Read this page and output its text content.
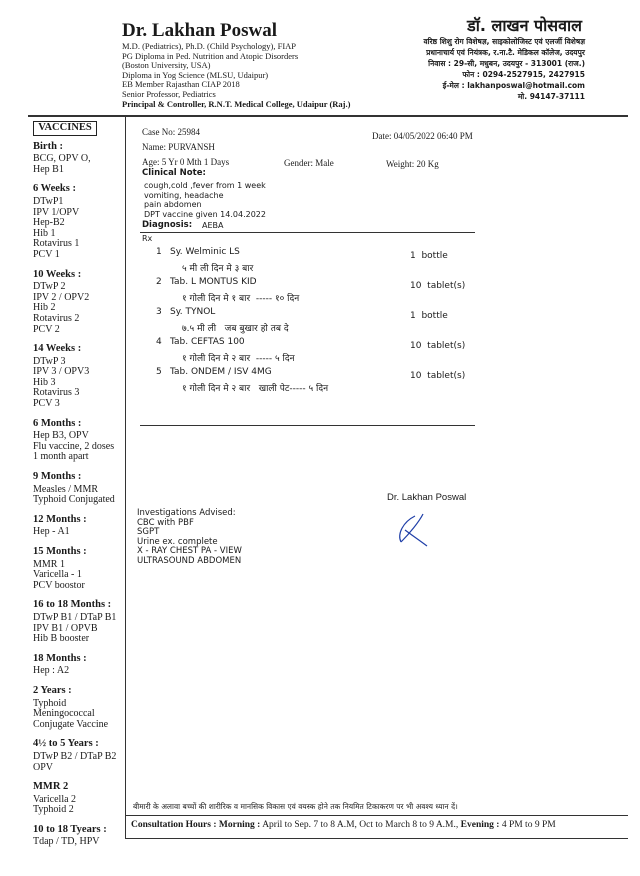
Dr. Lakhan Poswal
M.D. (Pediatrics), Ph.D. (Child Psychology), FIAP
PG Diploma in Ped. Nutrition and Atopic Disorders
(Boston University, USA)
Diploma in Yog Science (MLSU, Udaipur)
EB Member Rajasthan CIAP 2018
Senior Professor, Pediatrics
Principal & Controller, R.N.T. Medical College, Udaipur (Raj.)
डॉ. लाखन पोसवाल
वरिष्ठ शिशु रोग विशेषज्ञ, साइकोलोजिस्ट एवं एलर्जी विशेषज्ञ
प्रधानाचार्य एवं नियंत्रक, र.ना.टै. मेडिकल कॉलेज, उदयपुर
निवास : 29-सी, मधुबन, उदयपुर - 313001 (राज.)
फोन : 0294-2527915, 2427915
ई-मेल : lakhanposwal@hotmail.com
मो. 94147-37111
VACCINES
Birth :
BCG, OPV O,
Hep B1
6 Weeks :
DTwP1
IPV 1/OPV
Hep-B2
Hib 1
Rotavirus 1
PCV 1
10 Weeks :
DTwP 2
IPV 2 / OPV2
Hib 2
Rotavirus 2
PCV 2
14 Weeks :
DTwP 3
IPV 3 / OPV3
Hib 3
Rotavirus 3
PCV 3
6 Months :
Hep B3, OPV
Flu vaccine, 2 doses
1 month apart
9 Months :
Measles / MMR
Typhoid Conjugated
12 Months :
Hep - A1
15 Months :
MMR 1
Varicella - 1
PCV boostor
16 to 18 Months :
DTwP B1 / DTaP B1
IPV B1 / OPVB
Hib B booster
18 Months :
Hep : A2
2 Years :
Typhoid
Meningococcal
Conjugate Vaccine
4½ to 5 Years :
DTwP B2 / DTaP B2
OPV
MMR 2
Varicella 2
Typhoid 2
10 to 18 Tyears :
Tdap / TD, HPV
Case No: 25984	Date: 04/05/2022 06:40 PM
Name: PURVANSH
Age: 5 Yr 0 Mth 1 Days	Gender: Male	Weight: 20 Kg
Clinical Note:
cough,cold ,fever from 1 week
vomiting, headache
pain abdomen
DPT vaccine given 14.04.2022
Diagnosis: AEBA
Rx
1 Sy. Welminic LS
५ मी ली दिन मे ३ बार
1  bottle
2 Tab. L MONTUS KID
१ गोली दिन मे १ बार  ----- १० दिन
10  tablet(s)
3 Sy. TYNOL
७.५ मी ली   जब बुखार हो तब दे
1  bottle
4 Tab. CEFTAS 100
१ गोली दिन मे २ बार  ----- ५ दिन
10  tablet(s)
5 Tab. ONDEM / ISV 4MG
१ गोली दिन मे २ बार   खाली पेट----- ५ दिन
10  tablet(s)
Dr. Lakhan Poswal
Investigations Advised:
CBC with PBF
SGPT
Urine ex. complete
X - RAY CHEST PA - VIEW
ULTRASOUND ABDOMEN
बीमारी के अलावा बच्चों की शारीरिक व मानसिक विकास एवं वयस्क होने तक नियमित टिकाकरण पर भी अवश्य ध्यान दें।
Consultation Hours : Morning : April to Sep. 7 to 8 A.M, Oct to March 8 to 9 A.M., Evening : 4 PM to 9 PM
